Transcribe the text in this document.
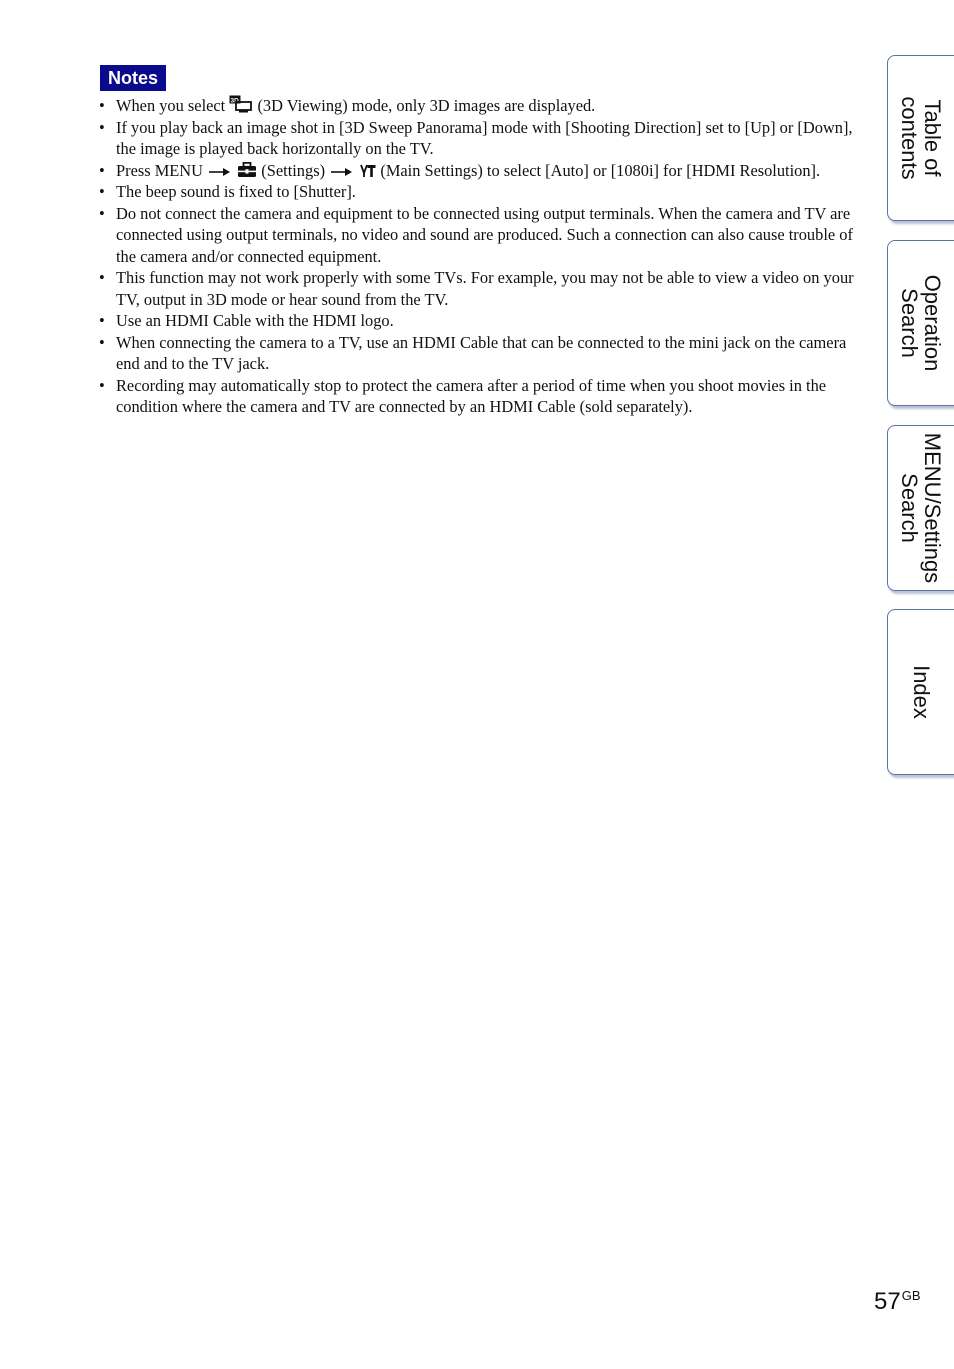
Notes
• When you select 3D (3D Viewing) mode, only 3D images are displayed.
• If you play back an image shot in [3D Sweep Panorama] mode with [Shooting Direction] set to [Up] or [Down], the image is played back horizontally on the TV.
• Press MENU	(Settings)	(Main Settings) to select [Auto] or [1080i] for [HDMI Resolution].
• The beep sound is fixed to [Shutter].
• Do not connect the camera and equipment to be connected using output terminals. When the camera and TV are connected using output terminals, no video and sound are produced. Such a connection can also cause trouble of the camera and/or connected equipment.
• This function may not work properly with some TVs. For example, you may not be able to view a video on your TV, output in 3D mode or hear sound from the TV.
• Use an HDMI Cable with the HDMI logo.
• When connecting the camera to a TV, use an HDMI Cable that can be connected to the mini jack on the camera end and to the TV jack.
• Recording may automatically stop to protect the camera after a period of time when you shoot movies in the condition where the camera and TV are connected by an HDMI Cable (sold separately).
Table of
contents
Operation
Search
MENU/Settings
Search
Index
$57^{GB}$
